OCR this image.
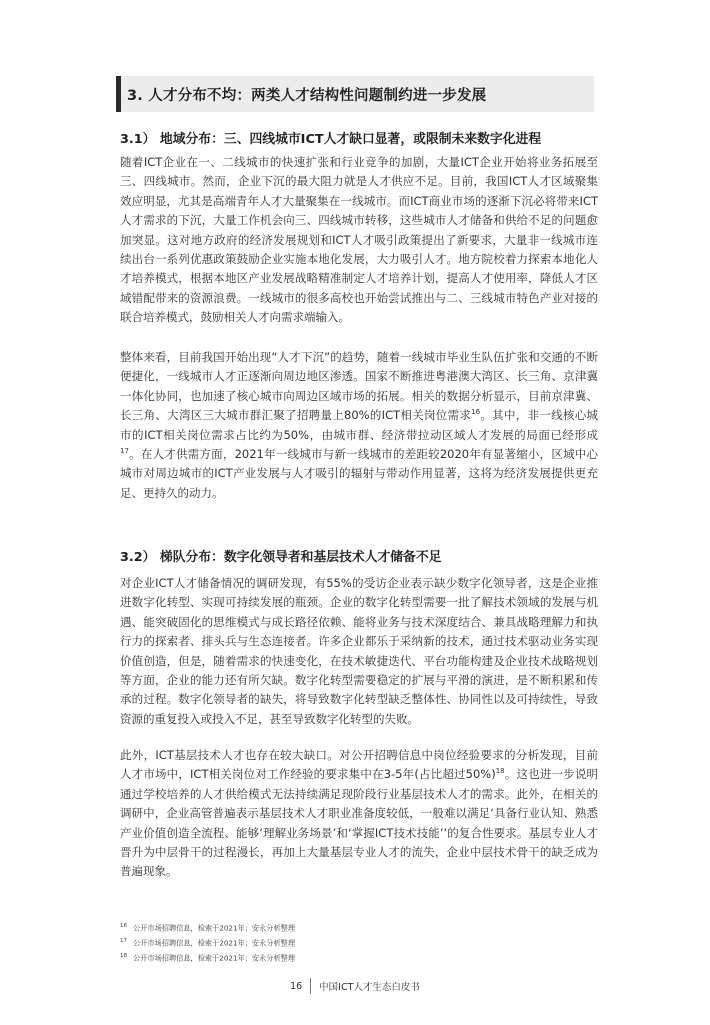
3. 人才分布不均：两类人才结构性问题制约进一步发展
3.1） 地域分布：三、四线城市ICT人才缺口显著，或限制未来数字化进程

随着ICT企业在一、二线城市的快速扩张和行业竞争的加剧，大量ICT企业开始将业务拓展至三、四线城市。然而，企业下沉的最大阻力就是人才供应不足。目前，我国ICT人才区域聚集效应明显，尤其是高端青年人才大量聚集在一线城市。而ICT商业市场的逐渐下沉必将带来ICT人才需求的下沉，大量工作机会向三、四线城市转移，这些城市人才储备和供给不足的问题愈加突显。这对地方政府的经济发展规划和ICT人才吸引政策提出了新要求，大量非一线城市连续出台一系列优惠政策鼓励企业实施本地化发展，大力吸引人才。地方院校着力探索本地化人才培养模式，根据本地区产业发展战略精准制定人才培养计划，提高人才使用率，降低人才区域错配带来的资源浪费。一线城市的很多高校也开始尝试推出与二、三线城市特色产业对接的联合培养模式，鼓励相关人才向需求端输入。

整体来看，目前我国开始出现“人才下沉”的趋势，随着一线城市毕业生队伍扩张和交通的不断便捷化，一线城市人才正逐渐向周边地区渗透。国家不断推进粤港澳大湾区、长三角、京津冀一体化协同，也加速了核心城市向周边区域市场的拓展。相关的数据分析显示，目前京津冀、长三角、大湾区三大城市群汇聚了招聘量上80%的ICT相关岗位需求$^{16}$。其中，非一线核心城市的ICT相关岗位需求占比约为50%，由城市群、经济带拉动区域人才发展的局面已经形成$^{17}$。在人才供需方面，2021年一线城市与新一线城市的差距较2020年有显著缩小，区域中心城市对周边城市的ICT产业发展与人才吸引的辐射与带动作用显著，这将为经济发展提供更充足、更持久的动力。

3.2） 梯队分布：数字化领导者和基层技术人才储备不足

对企业ICT人才储备情况的调研发现，有55%的受访企业表示缺少数字化领导者，这是企业推进数字化转型、实现可持续发展的瓶颈。企业的数字化转型需要一批了解技术领域的发展与机遇、能突破固化的思维模式与成长路径依赖、能将业务与技术深度结合、兼具战略理解力和执行力的探索者、排头兵与生态连接者。许多企业都乐于采纳新的技术，通过技术驱动业务实现价值创造，但是，随着需求的快速变化，在技术敏捷迭代、平台功能构建及企业技术战略规划等方面，企业的能力还有所欠缺。数字化转型需要稳定的扩展与平滑的演进，是不断积累和传承的过程。数字化领导者的缺失，将导致数字化转型缺乏整体性、协同性以及可持续性，导致资源的重复投入或投入不足，甚至导致数字化转型的失败。

此外，ICT基层技术人才也存在较大缺口。对公开招聘信息中岗位经验要求的分析发现，目前人才市场中，ICT相关岗位对工作经验的要求集中在3-5年(占比超过50%)$^{18}$。这也进一步说明通过学校培养的人才供给模式无法持续满足现阶段行业基层技术人才的需求。此外，在相关的调研中，企业高管普遍表示基层技术人才职业准备度较低，一般难以满足‘具备行业认知、熟悉产业价值创造全流程、能够‘理解业务场景’和‘掌握ICT技术技能’’的复合性要求。基层专业人才晋升为中层骨干的过程漫长，再加上大量基层专业人才的流失，企业中层技术骨干的缺乏成为普遍现象。

$^{16}$ 公开市场招聘信息，检索于2021年；安永分析整理
$^{17}$ 公开市场招聘信息，检索于2021年；安永分析整理
$^{18}$ 公开市场招聘信息，检索于2021年；安永分析整理
16 中国ICT人才生态白皮书
